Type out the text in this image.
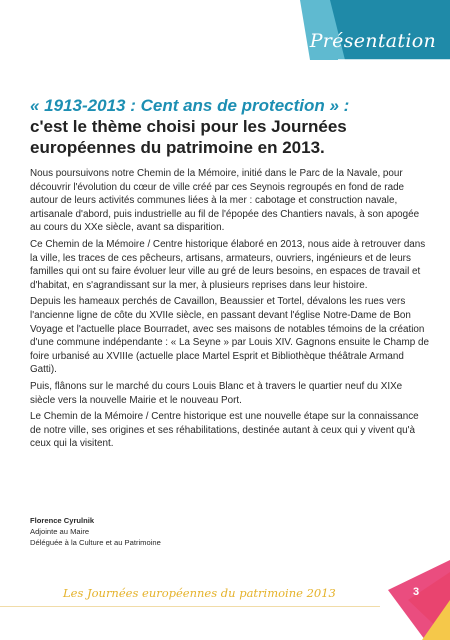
Présentation
« 1913-2013 : Cent ans de protection » :
c'est le thème choisi pour les Journées européennes du patrimoine en 2013.

Nous poursuivons notre Chemin de la Mémoire, initié dans le Parc de la Navale, pour découvrir l'évolution du cœur de ville créé par ces Seynois regroupés en fond de rade autour de leurs activités communes liées à la mer : cabotage et construction navale, artisanale d'abord, puis industrielle au fil de l'épopée des Chantiers navals, à son apogée au cours du XXe siècle, avant sa disparition.

Ce Chemin de la Mémoire / Centre historique élaboré en 2013, nous aide à retrouver dans la ville, les traces de ces pêcheurs, artisans, armateurs, ouvriers, ingénieurs et de leurs familles qui ont su faire évoluer leur ville au gré de leurs besoins, en espaces de travail et d'habitat, en s'agrandissant sur la mer, à plusieurs reprises dans leur histoire.

Depuis les hameaux perchés de Cavaillon, Beaussier et Tortel, dévalons les rues vers l'ancienne ligne de côte du XVIIe siècle, en passant devant l'église Notre-Dame de Bon Voyage et l'actuelle place Bourradet, avec ses maisons de notables témoins de la création d'une commune indépendante : « La Seyne » par Louis XIV. Gagnons ensuite le Champ de foire urbanisé au XVIIIe (actuelle place Martel Esprit et Bibliothèque théâtrale Armand Gatti).

Puis, flânons sur le marché du cours Louis Blanc et à travers le quartier neuf du XIXe siècle vers la nouvelle Mairie et le nouveau Port.

Le Chemin de la Mémoire / Centre historique est une nouvelle étape sur la connaissance de notre ville, ses origines et ses réhabilitations, destinée autant à ceux qui y vivent qu'à ceux qui la visitent.

Florence Cyrulnik
Adjointe au Maire
Déléguée à la Culture et au Patrimoine
Les Journées européennes du patrimoine 2013	3
